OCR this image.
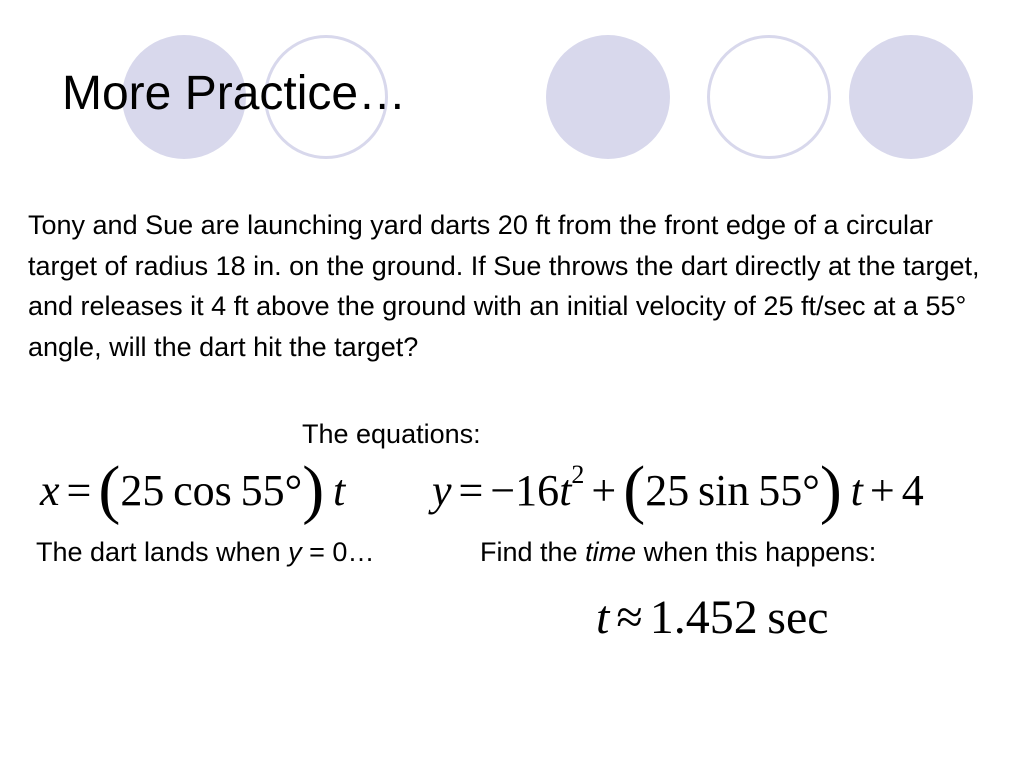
More Practice…

Tony and Sue are launching yard darts 20 ft from the front edge of a circular target of radius 18 in. on the ground. If Sue throws the dart directly at the target, and releases it 4 ft above the ground with an initial velocity of 25 ft/sec at a 55° angle, will the dart hit the target?

The equations:
x = (25  cos  55°)  t $y = -16t^2 + (25$  sin  55°)  t + 4
The dart lands when y = 0…	Find the time when this happens:
t ≈ 1.452  sec
